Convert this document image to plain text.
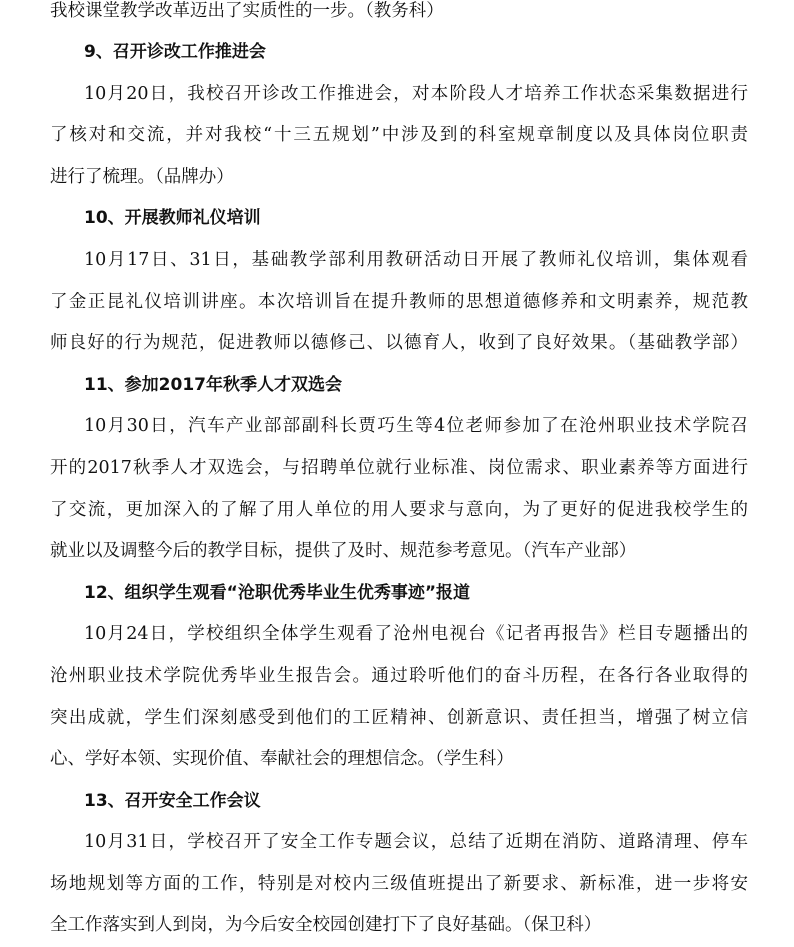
我校课堂教学改革迈出了实质性的一步。（教务科）
9、召开诊改工作推进会
10月20日，我校召开诊改工作推进会，对本阶段人才培养工作状态采集数据进行
了核对和交流，并对我校“十三五规划”中涉及到的科室规章制度以及具体岗位职责
进行了梳理。（品牌办）
10、开展教师礼仪培训
10月17日、31日，基础教学部利用教研活动日开展了教师礼仪培训，集体观看
了金正昆礼仪培训讲座。本次培训旨在提升教师的思想道德修养和文明素养，规范教
师良好的行为规范，促进教师以德修己、以德育人，收到了良好效果。（基础教学部）
11、参加2017年秋季人才双选会
10月30日，汽车产业部部副科长贾巧生等4位老师参加了在沧州职业技术学院召
开的2017秋季人才双选会，与招聘单位就行业标准、岗位需求、职业素养等方面进行
了交流，更加深入的了解了用人单位的用人要求与意向，为了更好的促进我校学生的
就业以及调整今后的教学目标，提供了及时、规范参考意见。（汽车产业部）
12、组织学生观看“沧职优秀毕业生优秀事迹”报道
10月24日，学校组织全体学生观看了沧州电视台《记者再报告》栏目专题播出的
沧州职业技术学院优秀毕业生报告会。通过聆听他们的奋斗历程，在各行各业取得的
突出成就，学生们深刻感受到他们的工匠精神、创新意识、责任担当，增强了树立信
心、学好本领、实现价值、奉献社会的理想信念。（学生科）
13、召开安全工作会议
10月31日，学校召开了安全工作专题会议，总结了近期在消防、道路清理、停车
场地规划等方面的工作，特别是对校内三级值班提出了新要求、新标准，进一步将安
全工作落实到人到岗，为今后安全校园创建打下了良好基础。（保卫科）
